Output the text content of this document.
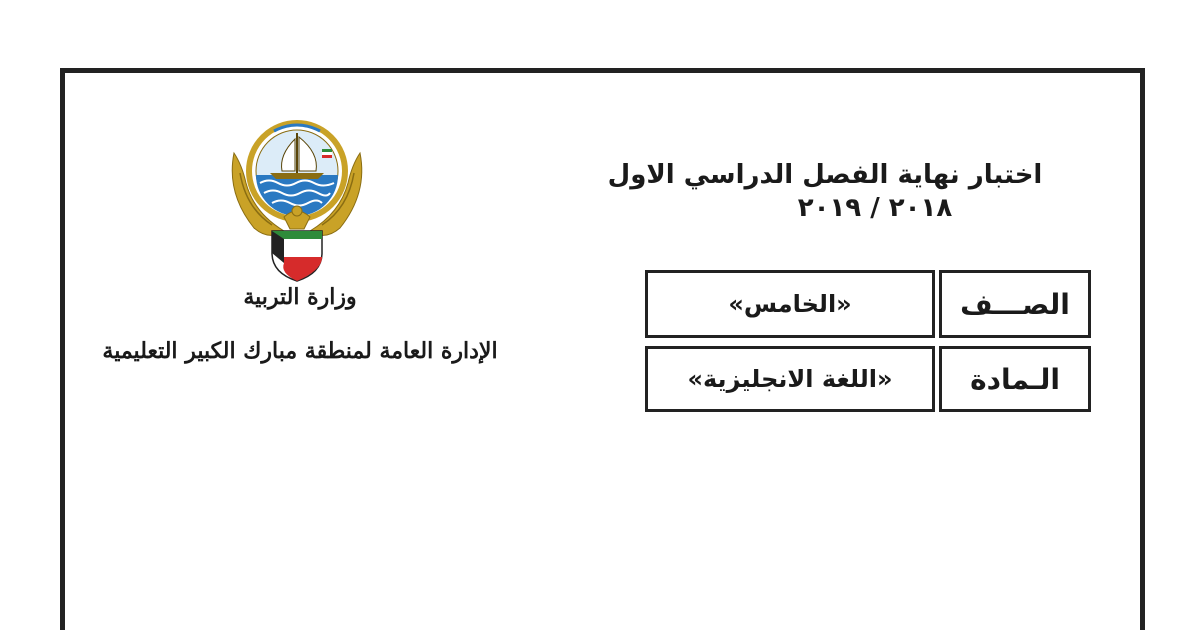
اختبار نهاية الفصل الدراسي الاول
٢٠١٨ / ٢٠١٩
الصـــف
«الخامس»
الـمادة
«اللغة الانجليزية»
وزارة التربية
الإدارة العامة لمنطقة مبارك الكبير التعليمية
